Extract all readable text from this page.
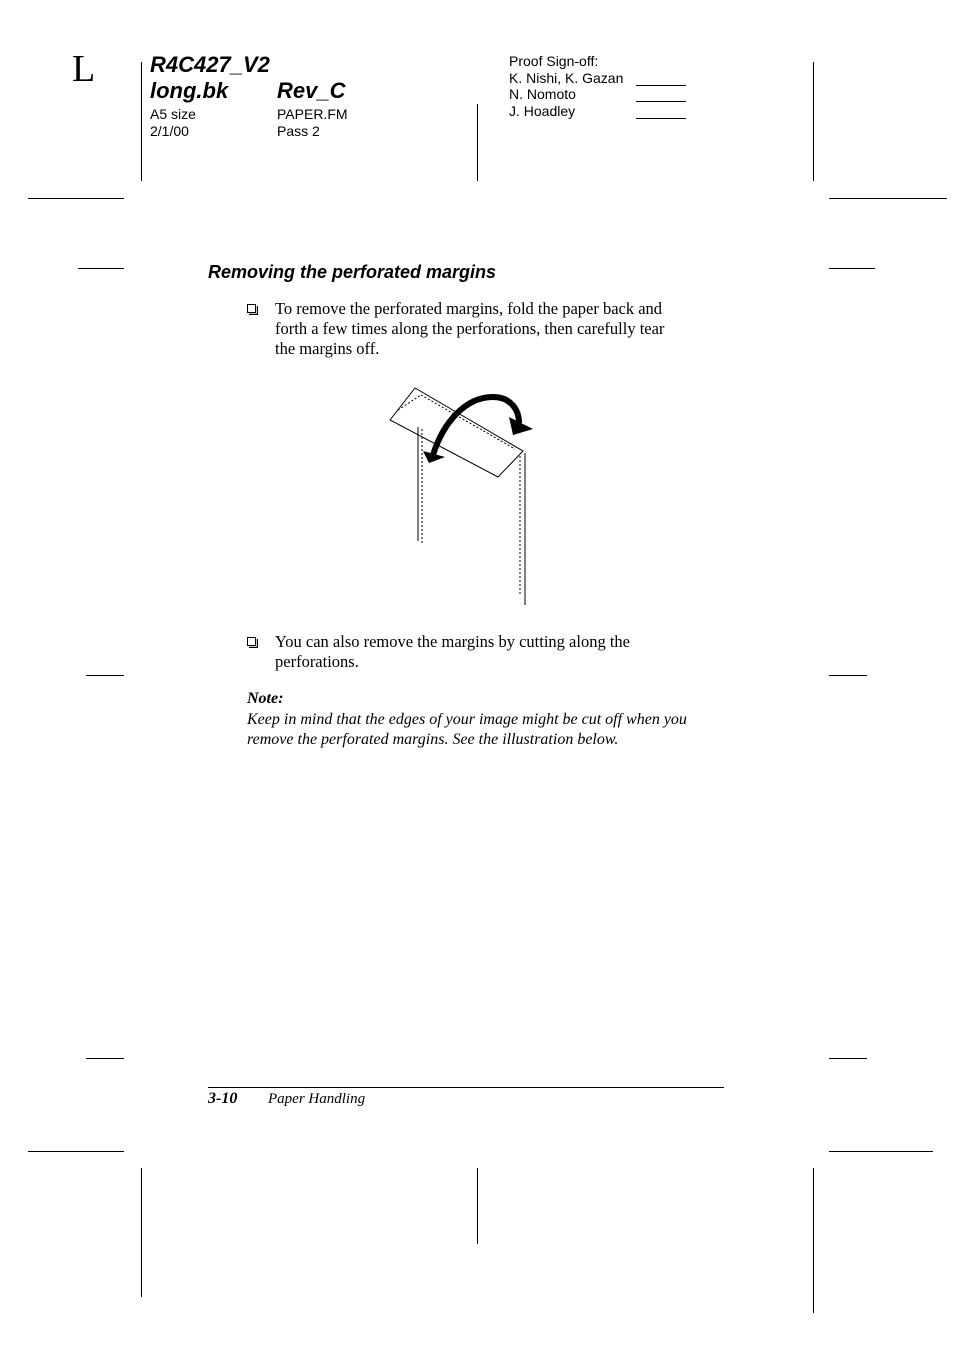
L R4C427_V2
long.bk Rev_C
A5 size
2/1/00
PAPER.FM
Pass 2
Proof Sign-off:
K. Nishi, K. Gazan
N. Nomoto
J. Hoadley
Removing the perforated margins
To remove the perforated margins, fold the paper back and
forth a few times along the perforations, then carefully tear
the margins off.
You can also remove the margins by cutting along the
perforations.
Note:
Keep in mind that the edges of your image might be cut off when you
remove the perforated margins. See the illustration below.
3-10 Paper Handling
